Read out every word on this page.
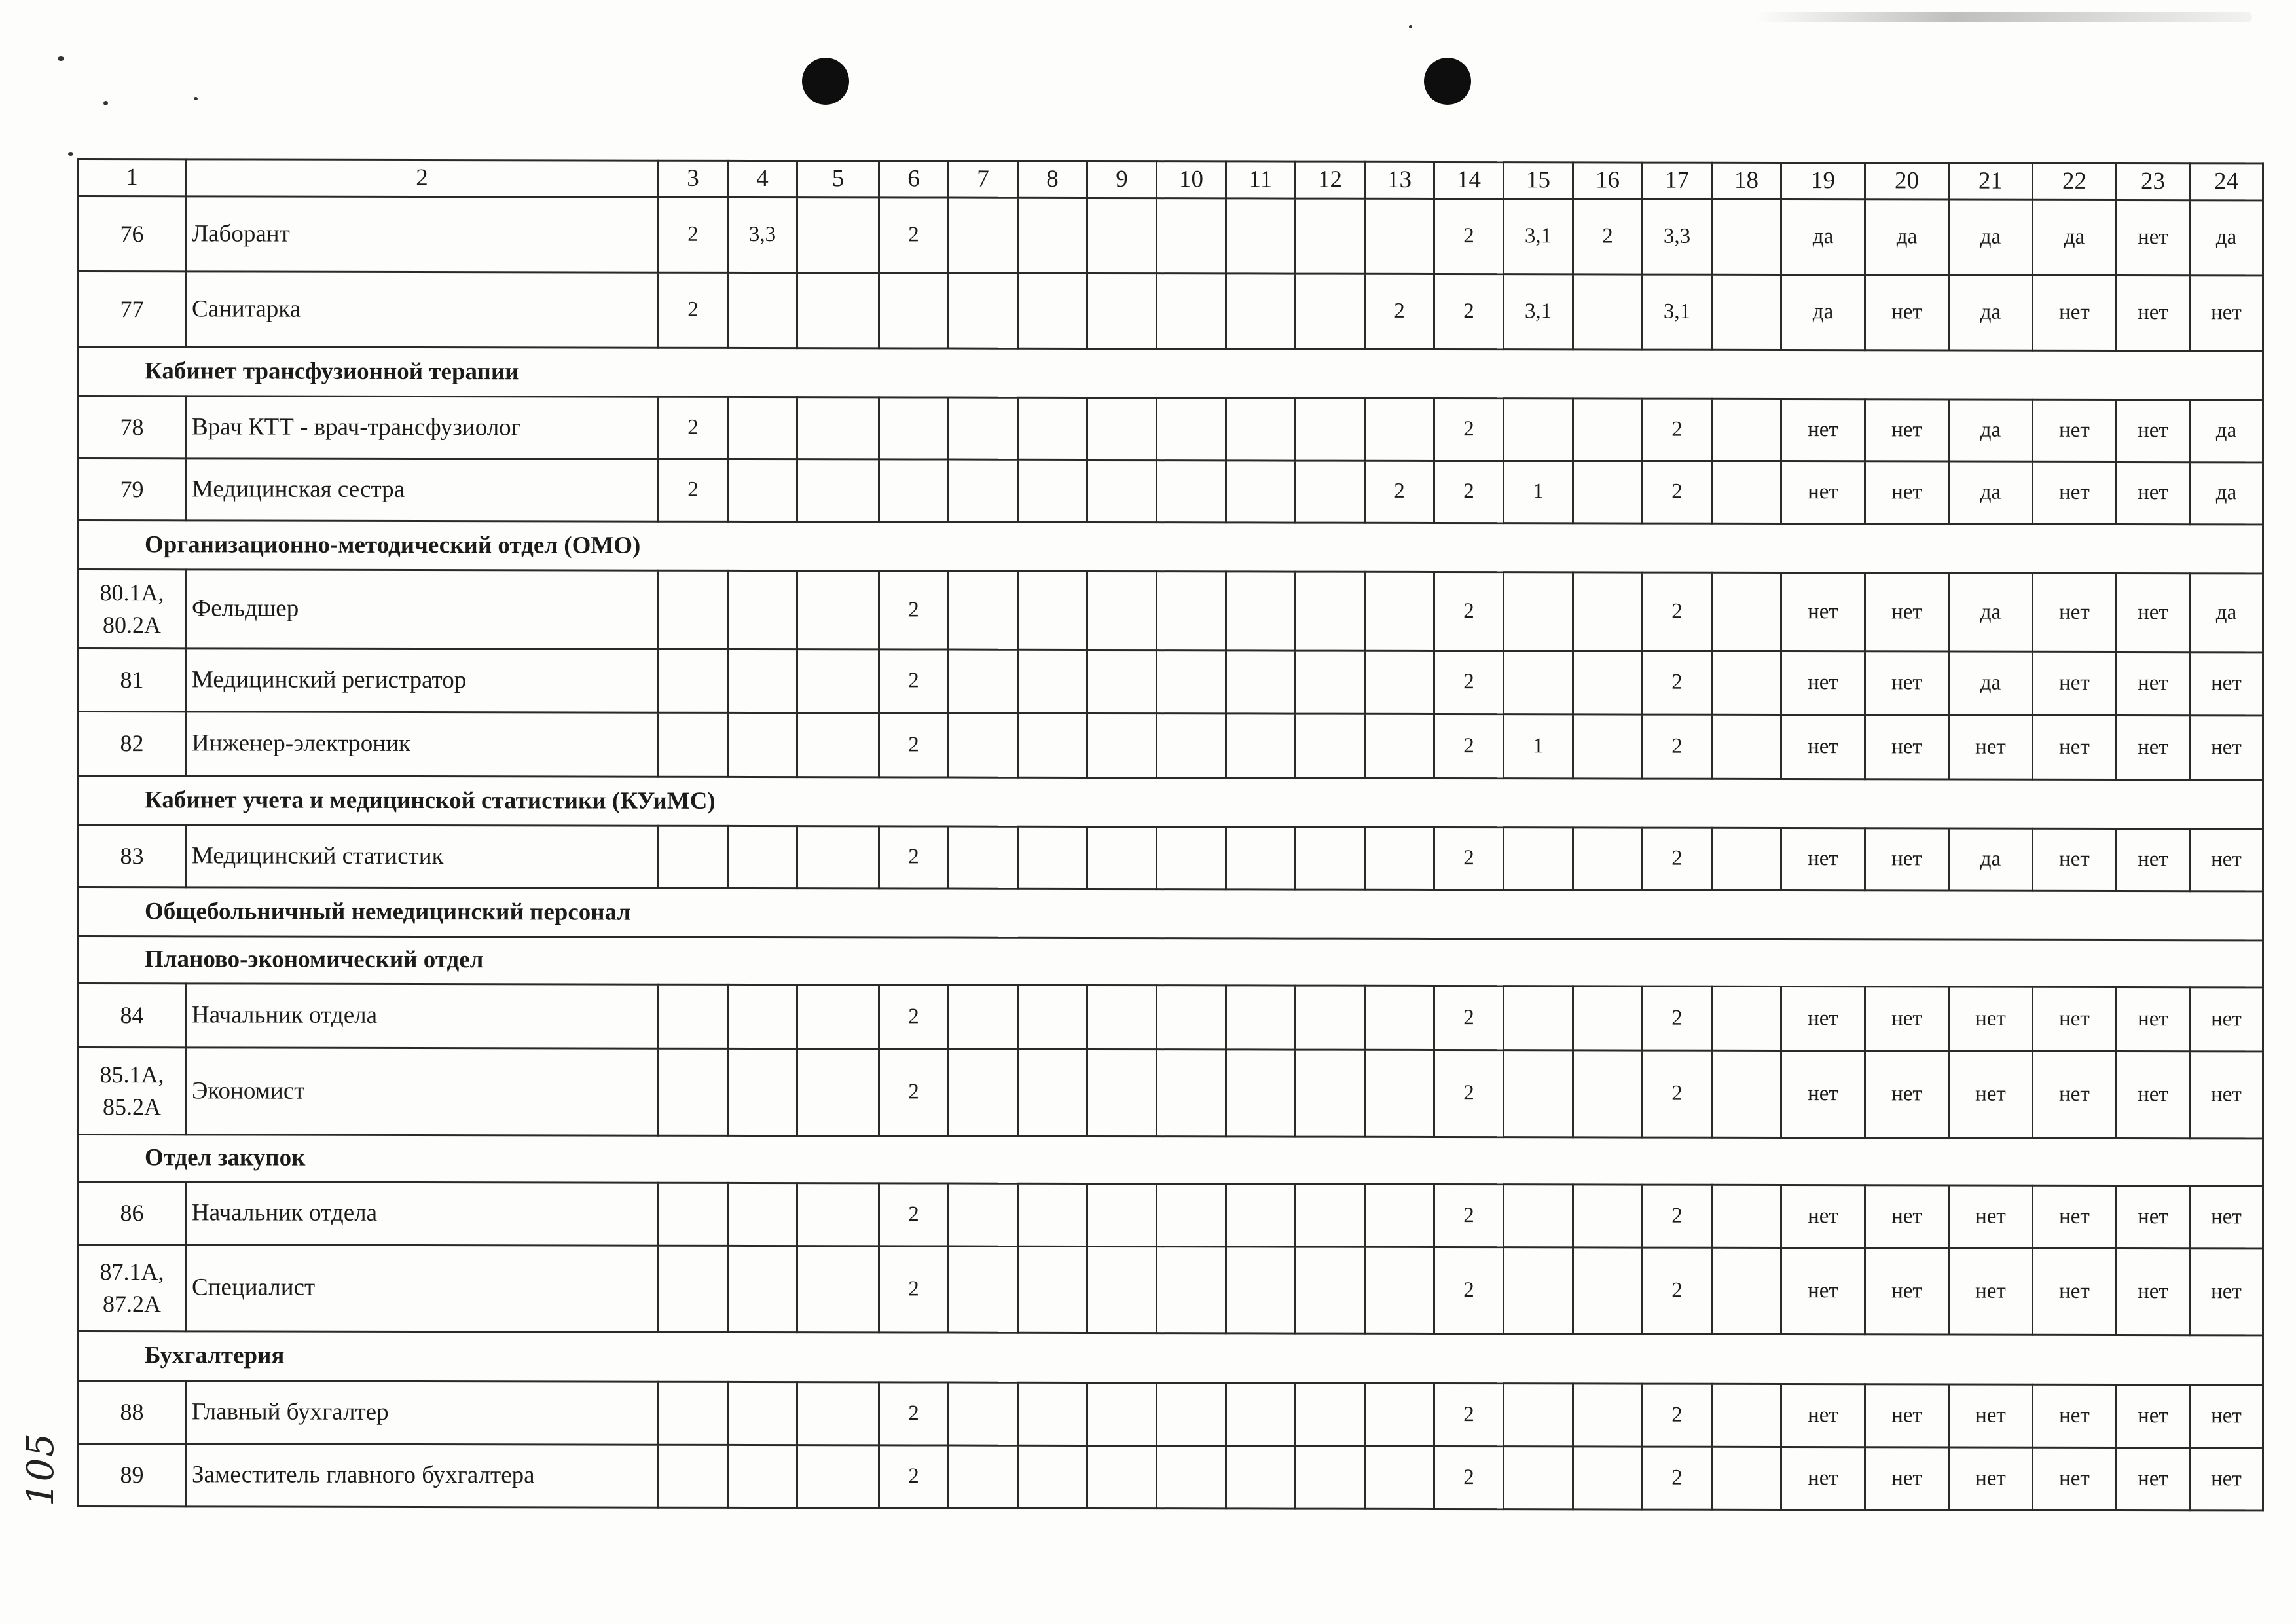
105
1	2	3	4	5	6	7	8	9	10	11	12	13	14	15	16	17	18	19	20	21	22	23	24
76	Лаборант	2	3,3		2								2	3,1	2	3,3		да	да	да	да	нет	да
77	Санитарка	2										2	2	3,1		3,1		да	нет	да	нет	нет	нет
Кабинет трансфузионной терапии																							
78	Врач КТТ - врач-трансфузиолог	2											2			2		нет	нет	да	нет	нет	да
79	Медицинская сестра	2										2	2	1		2		нет	нет	да	нет	нет	да
Организационно-методический отдел (ОМО)																							
80.1А, 80.2А	Фельдшер				2								2			2		нет	нет	да	нет	нет	да
81	Медицинский регистратор				2								2			2		нет	нет	да	нет	нет	нет
82	Инженер-электроник				2								2	1		2		нет	нет	нет	нет	нет	нет
Кабинет учета и медицинской статистики (КУиМС)																							
83	Медицинский статистик				2								2			2		нет	нет	да	нет	нет	нет
Общебольничный немедицинский персонал																							
Планово-экономический отдел																							
84	Начальник отдела				2								2			2		нет	нет	нет	нет	нет	нет
85.1А, 85.2А	Экономист				2								2			2		нет	нет	нет	нет	нет	нет
Отдел закупок																							
86	Начальник отдела				2								2			2		нет	нет	нет	нет	нет	нет
87.1А, 87.2А	Специалист				2								2			2		нет	нет	нет	нет	нет	нет
Бухгалтерия																							
88	Главный бухгалтер				2								2			2		нет	нет	нет	нет	нет	нет
89	Заместитель главного бухгалтера				2								2			2		нет	нет	нет	нет	нет	нет
